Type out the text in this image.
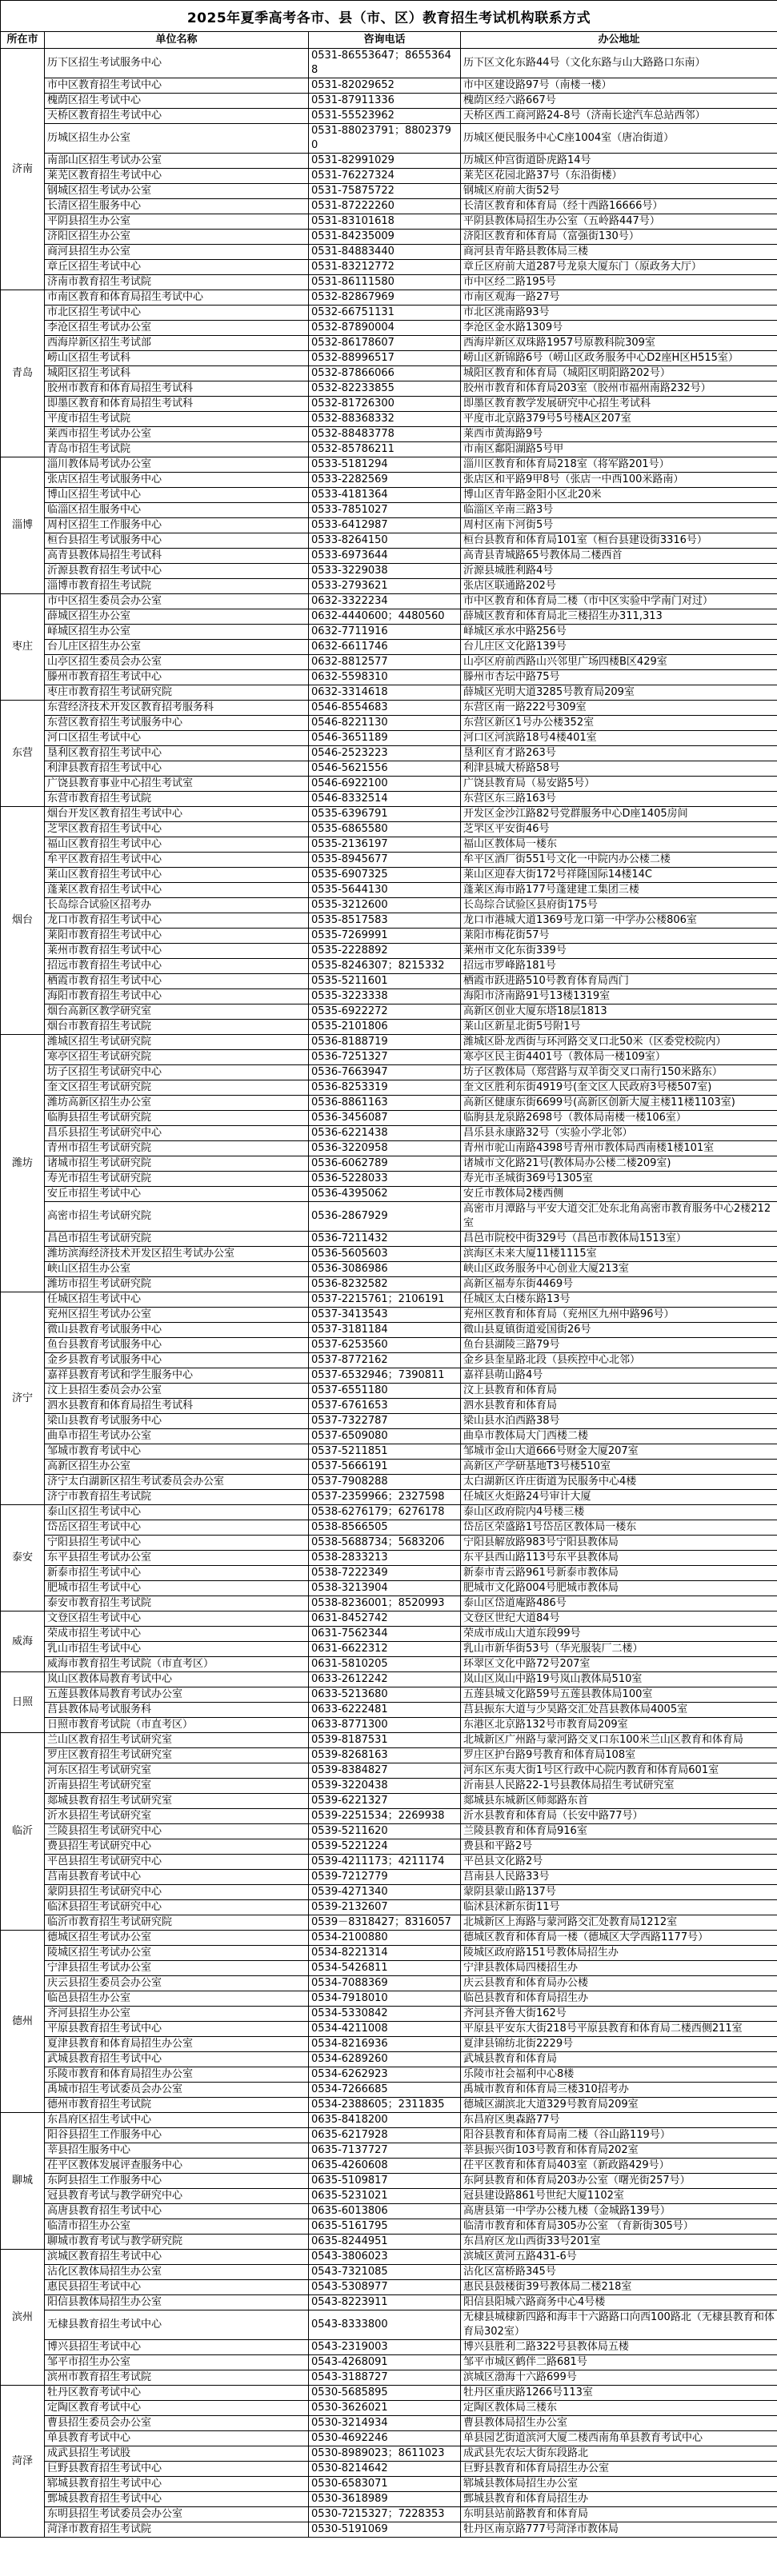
2025年夏季高考各市、县（市、区）教育招生考试机构联系方式
所在市	单位名称	咨询电话	办公地址
济南	历下区招生考试服务中心	0531-86553647；86553648	历下区文化东路44号（文化东路与山大路路口东南）
	市中区教育招生考试中心	0531-82029652	市中区建设路97号（南楼一楼）
	槐荫区招生考试中心	0531-87911336	槐荫区经六路667号
	天桥区教育招生考试中心	0531-55523962	天桥区西工商河路24-8号（济南长途汽车总站西邻）
	历城区招生办公室	0531-88023791；88023790	历城区便民服务中心C座1004室（唐冶街道）
	南部山区招生考试办公室	0531-82991029	历城区仲宫街道卧虎路14号
	莱芜区教育招生考试中心	0531-76227324	莱芜区花园北路37号（东沿街楼）
	钢城区招生考试办公室	0531-75875722	钢城区府前大街52号
	长清区招生服务中心	0531-87222260	长清区教育和体育局（经十西路16666号）
	平阴县招生办公室	0531-83101618	平阴县教体局招生办公室（五岭路447号）
	济阳区招生办公室	0531-84235009	济阳区教育和体育局（富强街130号）
	商河县招生办公室	0531-84883440	商河县青年路县教体局三楼
	章丘区招生考试中心	0531-83212772	章丘区府前大道287号龙泉大厦东门（原政务大厅）
	济南市教育招生考试院	0531-86111580	市中区经二路195号
青岛	市南区教育和体育局招生考试中心	0532-82867969	市南区观海一路27号
	市北区招生考试中心	0532-66751131	市北区洮南路93号
	李沧区招生考试办公室	0532-87890004	李沧区金水路1309号
	西海岸新区招生考试部	0532-86178607	西海岸新区双珠路1957号原教科院309室
	崂山区招生考试科	0532-88996517	崂山区新锦路6号（崂山区政务服务中心D2座H区H515室）
	城阳区招生考试科	0532-87866066	城阳区教育和体育局（城阳区明阳路202号）
	胶州市教育和体育局招生考试科	0532-82233855	胶州市教育和体育局203室（胶州市福州南路232号）
	即墨区教育和体育局招生考试科	0532-81726300	即墨区教育教学发展研究中心招生考试科
	平度市招生考试院	0532-88368332	平度市北京路379号5号楼A区207室
	莱西市招生考试办公室	0532-88483778	莱西市黄海路9号
	青岛市招生考试院	0532-85786211	市南区鄱阳湖路5号甲
淄博	淄川教体局考试办公室	0533-5181294	淄川区教育和体育局218室（将军路201号）
	张店区招生考试服务中心	0533-2282569	张店区和平路9甲8号（张店一中西100米路南）
	博山区招生考试中心	0533-4181364	博山区青年路金阳小区北20米
	临淄区招生服务中心	0533-7851027	临淄区辛南三路3号
	周村区招生工作服务中心	0533-6412987	周村区南下河街5号
	桓台县招生考试服务中心	0533-8264150	桓台县教育和体育局101室（桓台县建设街3316号）
	高青县教体局招生考试科	0533-6973644	高青县青城路65号教体局二楼西首
	沂源县教育招生考试中心	0533-3229038	沂源县城胜利路4号
	淄博市教育招生考试院	0533-2793621	张店区联通路202号
枣庄	市中区招生委员会办公室	0632-3322234	市中区教育和体育局二楼（市中区实验中学南门对过）
	薛城区招生办公室	0632-4440600；4480560	薛城区教育和体育局北三楼招生办311,313
	峄城区招生办公室	0632-7711916	峄城区承水中路256号
	台儿庄区招生办公室	0632-6611746	台儿庄区文化路139号
	山亭区招生委员会办公室	0632-8812577	山亭区府前西路山兴邻里广场四楼B区429室
	滕州市教育招生考试中心	0632-5598310	滕州市杏坛中路75号
	枣庄市教育招生考试研究院	0632-3314618	薛城区光明大道3285号教育局209室
东营	东营经济技术开发区教育招考服务科	0546-8554683	东营区南一路222号309室
	东营区教育招生考试服务中心	0546-8221130	东营区新区1号办公楼352室
	河口区招生考试中心	0546-3651189	河口区河滨路18号4楼401室
	垦利区教育招生考试中心	0546-2523223	垦利区育才路263号
	利津县教育招生考试中心	0546-5621556	利津县城大桥路58号
	广饶县教育事业中心招生考试室	0546-6922100	广饶县教育局（易安路5号）
	东营市教育招生考试院	0546-8332514	东营区东三路163号
烟台	烟台开发区教育招生考试中心	0535-6396791	开发区金沙江路82号党群服务中心D座1405房间
	芝罘区教育招生考试中心	0535-6865580	芝罘区平安街46号
	福山区教育招生考试中心	0535-2136197	福山区教体局一楼东
	牟平区教育招生考试中心	0535-8945677	牟平区酒厂街551号文化一中院内办公楼二楼
	莱山区教育招生考试中心	0535-6907325	莱山区迎春大街172号祥隆国际14楼14C
	蓬莱区教育招生考试中心	0535-5644130	蓬莱区海市路177号蓬建建工集团三楼
	长岛综合试验区招考办	0535-3212600	长岛综合试验区县府街175号
	龙口市教育招生考试中心	0535-8517583	龙口市港城大道1369号龙口第一中学办公楼806室
	莱阳市教育招生考试中心	0535-7269991	莱阳市梅花街57号
	莱州市教育招生考试中心	0535-2228892	莱州市文化东街339号
	招远市教育招生考试中心	0535-8246307；8215332	招远市罗峰路181号
	栖霞市教育招生考试中心	0535-5211601	栖霞市跃进路510号教育体育局西门
	海阳市教育招生考试中心	0535-3223338	海阳市济南路91号13楼1319室
	烟台高新区教学研究室	0535-6922272	高新区创业大厦东塔18层1813
	烟台市教育招生考试院	0535-2101806	莱山区新星北街5号附1号
潍坊	潍城区招生考试研究院	0536-8188719	潍城区卧龙西街与环河路交叉口北50米（区委党校院内）
	寒亭区招生考试研究院	0536-7251327	寒亭区民主街4401号（教体局一楼109室）
	坊子区招生考试研究中心	0536-7663947	坊子区教体局（郑营路与双羊街交叉口南行150米路东）
	奎文区招生考试研究院	0536-8253319	奎文区胜利东街4919号(奎文区人民政府3号楼507室)
	潍坊高新区招生办公室	0536-8861163	高新区健康东街6699号(高新区创新大厦主楼11楼1103室)
	临朐县招生考试研究院	0536-3456087	临朐县龙泉路2698号（教体局南楼一楼106室）
	昌乐县招生考试研究中心	0536-6221438	昌乐县永康路32号（实验小学北邻）
	青州市招生考试研究院	0536-3220958	青州市驼山南路4398号青州市教体局西南楼1楼101室
	诸城市招生考试研究院	0536-6062789	诸城市文化路21号(教体局办公楼二楼209室)
	寿光市招生考试研究院	0536-5228033	寿光市圣城街369号1305室
	安丘市招生考试中心	0536-4395062	安丘市教体局2楼西侧
	高密市招生考试研究院	0536-2867929	高密市月潭路与平安大道交汇处东北角高密市教育服务中心2楼212室
	昌邑市招生考试研究院	0536-7211432	昌邑市院校中街329号（昌邑市教体局1513室）
	潍坊滨海经济技术开发区招生考试办公室	0536-5605603	滨海区未来大厦11楼1115室
	峡山区招生办公室	0536-3086986	峡山区政务服务中心创业大厦213室
	潍坊市招生考试研究院	0536-8232582	高新区福寿东街4469号
济宁	任城区招生考试中心	0537-2215761；2106191	任城区太白楼东路13号
	兖州区招生考试办公室	0537-3413543	兖州区教育和体育局（兖州区九州中路96号）
	微山县教育考试服务中心	0537-3181184	微山县夏镇街道爱国街26号
	鱼台县教育考试服务中心	0537-6253560	鱼台县湖陵三路79号
	金乡县教育考试服务中心	0537-8772162	金乡县奎星路北段（县疾控中心北邻）
	嘉祥县教育考试和学生服务中心	0537-6532946；7390811	嘉祥县萌山路4号
	汶上县招生委员会办公室	0537-6551180	汶上县教育和体育局
	泗水县教育和体育局招生考试科	0537-6761653	泗水县教育和体育局
	梁山县教育考试服务中心	0537-7322787	梁山县水泊西路38号
	曲阜市招生考试办公室	0537-6509080	曲阜市教体局大门西楼二楼
	邹城市教育考试中心	0537-5211851	邹城市金山大道666号财金大厦207室
	高新区招生办公室	0537-5666191	高新区产学研基地T3号楼510室
	济宁太白湖新区招生考试委员会办公室	0537-7908288	太白湖新区许庄街道为民服务中心4楼
	济宁市教育招生考试院	0537-2359966；2327598	任城区火炬路24号审计大厦
泰安	泰山区招生考试中心	0538-6276179；6276178	泰山区政府院内4号楼三楼
	岱岳区招生考试中心	0538-8566505	岱岳区荣盛路1号岱岳区教体局一楼东
	宁阳县招生考试中心	0538-5688734；5683206	宁阳县解放路983号宁阳县教体局
	东平县招生考试办公室	0538-2833213	东平县西山路113号东平县教体局
	新泰市招生考试中心	0538-7222349	新泰市青云路961号新泰市教体局
	肥城市招生考试中心	0538-3213904	肥城市文化路004号肥城市教体局
	泰安市教育招生考试院	0538-8236001；8520993	泰山区岱道庵路486号
威海	文登区招生考试中心	0631-8452742	文登区世纪大道84号
	荣成市招生考试中心	0631-7562344	荣成市成山大道东段99号
	乳山市招生考试中心	0631-6622312	乳山市新华街53号（华光服装厂二楼）
	威海市教育招生考试院（市直考区）	0631-5810205	环翠区文化中路72号207室
日照	岚山区教体局教育考试中心	0633-2612242	岚山区岚山中路19号岚山教体局510室
	五莲县教体局教育考试办公室	0633-5213680	五莲县城文化路59号五莲县教体局100室
	莒县教体局考试服务科	0633-6222481	莒县振东大道与少昊路交汇处莒县教体局4005室
	日照市教育考试院（市直考区）	0633-8771300	东港区北京路132号市教育局209室
临沂	兰山区教育招生考试研究室	0539-8187531	北城新区广州路与蒙河路交叉口东100米兰山区教育和体育局
	罗庄区教育招生考试研究室	0539-8268163	罗庄区护台路9号教育和体育局108室
	河东区招生考试研究室	0539-8384827	河东区东夷大街1号区行政中心院内教育和体育局601室
	沂南县招生考试研究室	0539-3220438	沂南县人民路22-1号县教体局招生考试研究室
	郯城县教育招生考试研究室	0539-6221327	郯城县东城新区师郯路东首
	沂水县招生考试研究室	0539-2251534；2269938	沂水县教育和体育局（长安中路77号）
	兰陵县招生考试研究中心	0539-5211620	兰陵县教育和体育局916室
	费县招生考试研究中心	0539-5221224	费县和平路2号
	平邑县招生考试研究中心	0539-4211173；4211174	平邑县文化路2号
	莒南县教育考试中心	0539-7212779	莒南县人民路33号
	蒙阴县招生考试研究中心	0539-4271340	蒙阴县蒙山路137号
	临沭县招生考试研究中心	0539-2132607	临沭县沭新东街11号
	临沂市教育招生考试研究院	0539－8318427；8316057	北城新区上海路与蒙河路交汇处教育局1212室
德州	德城区招生考试办公室	0534-2100880	德城区教育和体育局一楼（德城区大学西路1177号）
	陵城区招生考试办公室	0534-8221314	陵城区政府路151号教体局招生办
	宁津县招生考试办公室	0534-5426811	宁津县教体局四楼招生办
	庆云县招生委员会办公室	0534-7088369	庆云县教育和体育局办公楼
	临邑县招生办公室	0534-7918010	临邑县教育和体育局招生办
	齐河县招生办公室	0534-5330842	齐河县齐鲁大街162号
	平原县教育招生考试中心	0534-4211008	平原县平安东大街218号平原县教育和体育局二楼西侧211室
	夏津县教育和体育局招生办公室	0534-8216936	夏津县锦纺北街2229号
	武城县教育招生考试中心	0534-6289260	武城县教育和体育局
	乐陵市教育和体育局招生办公室	0534-6262923	乐陵市社会福利中心8楼
	禹城市招生考试委员会办公室	0534-7266685	禹城市教育和体育局三楼310招考办
	德州市教育招生考试院	0534-2388605；2311835	德城区湖滨北大道329号教育局209室
聊城	东昌府区招生考试中心	0635-8418200	东昌府区奥森路77号
	阳谷县招生工作服务中心	0635-6217928	阳谷县教育和体育局南二楼（谷山路119号）
	莘县招生服务中心	0635-7137727	莘县振兴街103号教育和体育局202室
	茌平区教体发展评查服务中心	0635-4260608	茌平区教育和体育局403室（新政路429号）
	东阿县招生工作服务中心	0635-5109817	东阿县教育和体育局203办公室（曙光街257号）
	冠县教育考试与教学研究中心	0635-5231021	冠县建设路861号世纪大厦1102室
	高唐县教育招生考试中心	0635-6013806	高唐县第一中学办公楼九楼（金城路139号）
	临清市招生办公室	0635-5161795	临清市教育和体育局305办公室 （育新街305号）
	聊城市教育考试与教学研究院	0635-8244951	东昌府区龙山西街33号201室
滨州	滨城区教育招生考试中心	0543-3806023	滨城区黄河五路431-6号
	沾化区教体局招生办公室	0543-7321085	沾化区富桥路345号
	惠民县招生考试中心	0543-5308977	惠民县鼓楼街39号教体局二楼218室
	阳信县教体局招生办公室	0543-8223911	阳信县阳城六路商务中心4号楼
	无棣县教育招生考试中心	0543-8333800	无棣县城棣新四路和海丰十六路路口向西100路北（无棣县教育和体育局302室）
	博兴县招生考试中心	0543-2319003	博兴县胜利二路322号县教体局五楼
	邹平市招生办公室	0543-4268091	邹平市城区鹤伴二路681号
	滨州市教育招生考试院	0543-3188727	滨城区渤海十六路699号
菏泽	牡丹区教育考试中心	0530-5685895	牡丹区重庆路1266号113室
	定陶区教育考试中心	0530-3626021	定陶区教体局三楼东
	曹县招生委员会办公室	0530-3214934	曹县教体局招生办公室
	单县教育考试中心	0530-4692246	单县园艺街道滨河大厦二楼西南角单县教育考试中心
	成武县招生考试股	0530-8989023；8611023	成武县先农坛大街东段路北
	巨野县教育招生考试中心	0530-8214642	巨野县教育和体育局招生办公室
	郓城县教育招生考试中心	0530-6583071	郓城县教体局招生办公室
	鄄城县教育招生考试中心	0530-3618989	鄄城县教育和体育局招生办
	东明县招生考试委员会办公室	0530-7215327；7228353	东明县站前路教育和体育局
	菏泽市教育招生考试院	0530-5191069	牡丹区南京路777号菏泽市教体局
